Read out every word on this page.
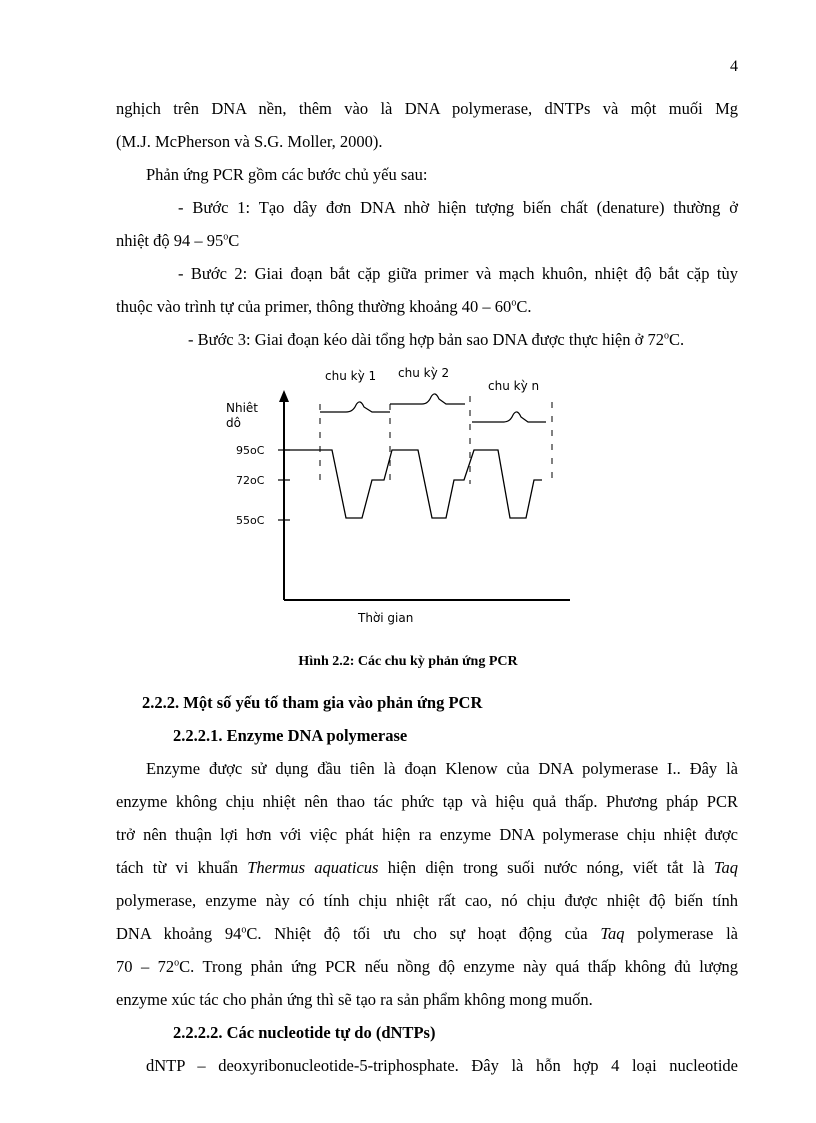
4
nghịch trên DNA nền, thêm vào là DNA polymerase, dNTPs và một muối Mg
(M.J. McPherson và S.G. Moller, 2000).
Phản ứng PCR gồm các bước chủ yếu sau:
- Bước 1: Tạo dây đơn DNA nhờ hiện tượng biến chất (denature) thường ở
nhiệt độ 94 – 95$^o$C
- Bước 2: Giai đoạn bắt cặp giữa primer và mạch khuôn, nhiệt độ bắt cặp tùy
thuộc vào trình tự của primer, thông thường khoảng 40 – 60$^o$C.
- Bước 3: Giai đoạn kéo dài tổng hợp bản sao DNA được thực hiện ở 72$^o$C.
Nhiêt
dô
95oC
72oC
55oC
chu kỳ 1 chu kỳ 2
chu kỳ n
Thời gian
Hình 2.2: Các chu kỳ phản ứng PCR
2.2.2. Một số yếu tố tham gia vào phản ứng PCR
2.2.2.1. Enzyme DNA polymerase
Enzyme được sử dụng đầu tiên là đoạn Klenow của DNA polymerase I.. Đây là
enzyme không chịu nhiệt nên thao tác phức tạp và hiệu quả thấp. Phương pháp PCR
trở nên thuận lợi hơn với việc phát hiện ra enzyme DNA polymerase chịu nhiệt được
tách từ vi khuẩn Thermus aquaticus hiện diện trong suối nước nóng, viết tắt là Taq
polymerase, enzyme này có tính chịu nhiệt rất cao, nó chịu được nhiệt độ biến tính
DNA khoảng 94$^o$C. Nhiệt độ tối ưu cho sự hoạt động của Taq polymerase là
70 – 72$^o$C. Trong phản ứng PCR nếu nồng độ enzyme này quá thấp không đủ lượng
enzyme xúc tác cho phản ứng thì sẽ tạo ra sản phẩm không mong muốn.
2.2.2.2. Các nucleotide tự do (dNTPs)
dNTP – deoxyribonucleotide-5-triphosphate. Đây là hỗn hợp 4 loại nucleotide
